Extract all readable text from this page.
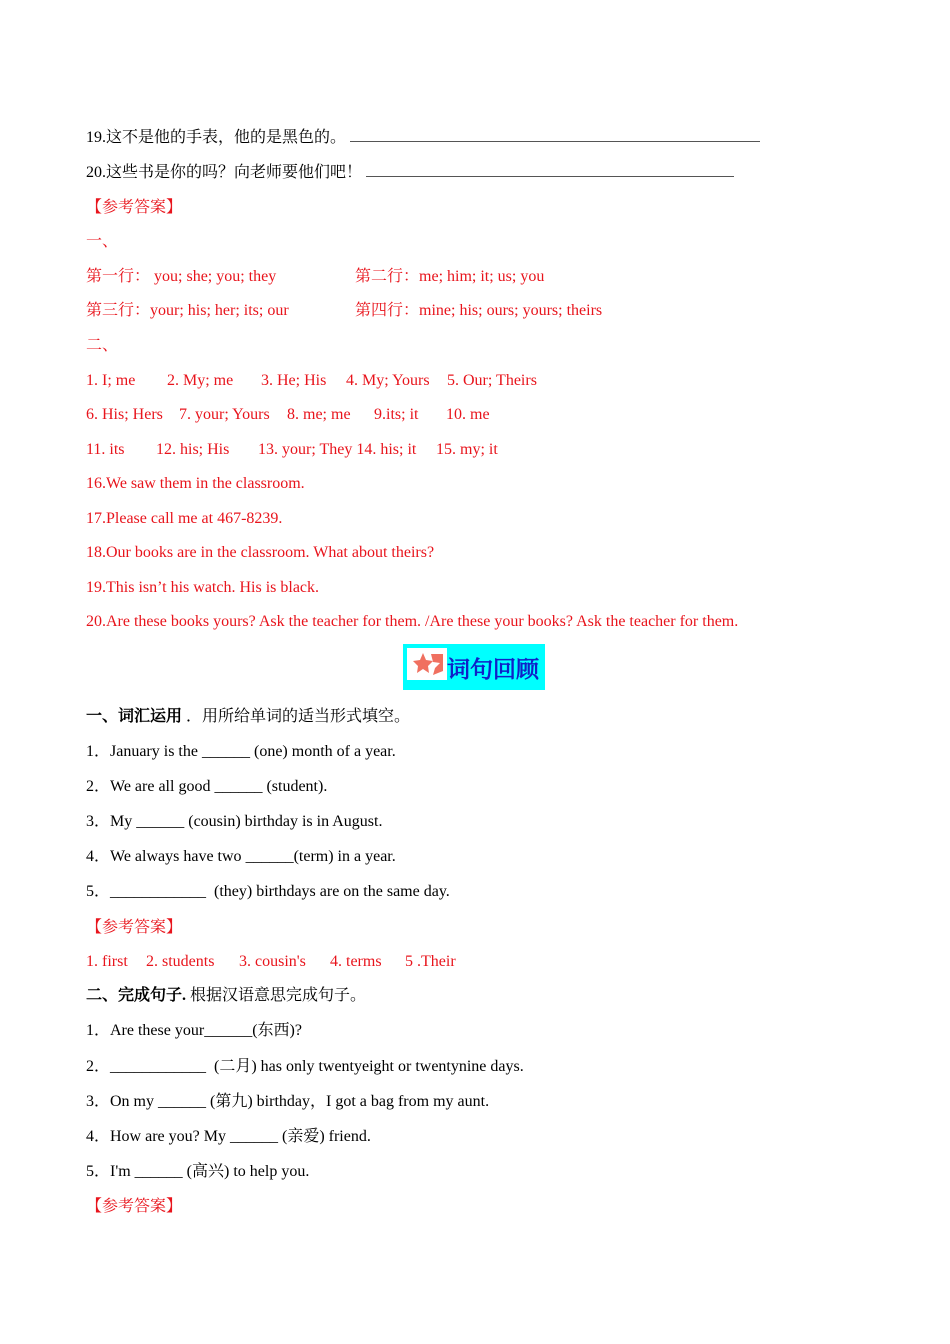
19.这不是他的手表，他的是黑色的。
20.这些书是你的吗？向老师要他们吧！
【参考答案】
一、
第一行： you; she; you; they	第二行：me; him; it; us; you
第三行：your; his; her; its; our	第四行：mine; his; ours; yours; theirs
二、
1. I; me 2. My; me 3. He; His 4. My; Yours 5. Our; Theirs
6. His; Hers 7. your; Yours 8. me; me 9.its; it 10. me
11. its 12. his; His 13. your; They 14. his; it 15. my; it
16.We saw them in the classroom.
17.Please call me at 467-8239.
18.Our books are in the classroom. What about theirs?
19.This isn’t his watch. His is black.
20.Are these books yours? Ask the teacher for them. /Are these your books? Ask the teacher for them.
词句回顾
一、词汇运用 ．用所给单词的适当形式填空。
1．January is the ______ (one) month of a year.
2．We are all good ______ (student).
3．My ______ (cousin) birthday is in August.
4．We always have two ______(term) in a year.
5．____________  (they) birthdays are on the same day.
【参考答案】
1. first 2. students 3. cousin's 4. terms 5 .Their
二、完成句子. 根据汉语意思完成句子。
1．Are these your______(东西)?
2．____________  (二月) has only twentyeight or twentynine days.
3．On my ______ (第九) birthday，I got a bag from my aunt.
4．How are you? My ______ (亲爱) friend.
5．I'm ______ (高兴) to help you.
【参考答案】
